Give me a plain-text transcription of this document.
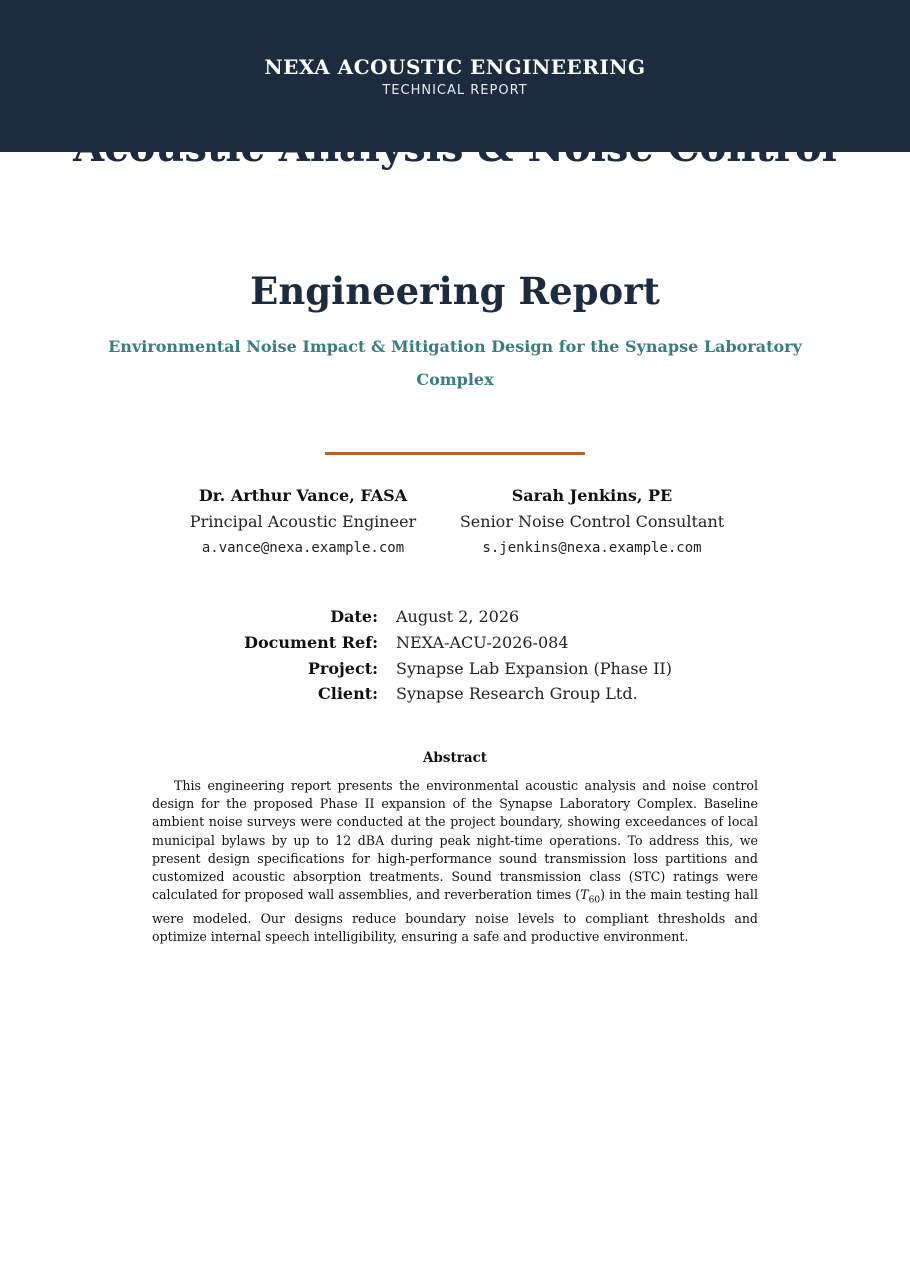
NEXA ACOUSTIC ENGINEERING
TECHNICAL REPORT
Engineering Report
Environmental Noise Impact & Mitigation Design for the Synapse Laboratory Complex
Dr. Arthur Vance, FASA
Principal Acoustic Engineer
a.vance@nexa.example.com
Sarah Jenkins, PE
Senior Noise Control Consultant
s.jenkins@nexa.example.com
Date: August 2, 2026
Document Ref: NEXA-ACU-2026-084
Project: Synapse Lab Expansion (Phase II)
Client: Synapse Research Group Ltd.
Abstract

This engineering report presents the environmental acoustic analysis and noise control design for the proposed Phase II expansion of the Synapse Laboratory Complex. Baseline ambient noise surveys were conducted at the project boundary, showing exceedances of local municipal bylaws by up to 12 dBA during peak night-time operations. To address this, we present design specifications for high-performance sound transmission loss partitions and customized acoustic absorption treatments. Sound transmission class (STC) ratings were calculated for proposed wall assemblies, and reverberation times $(T_{60})$ in the main testing hall were modeled. Our designs reduce boundary noise levels to compliant thresholds and optimize internal speech intelligibility, ensuring a safe and productive environment.
